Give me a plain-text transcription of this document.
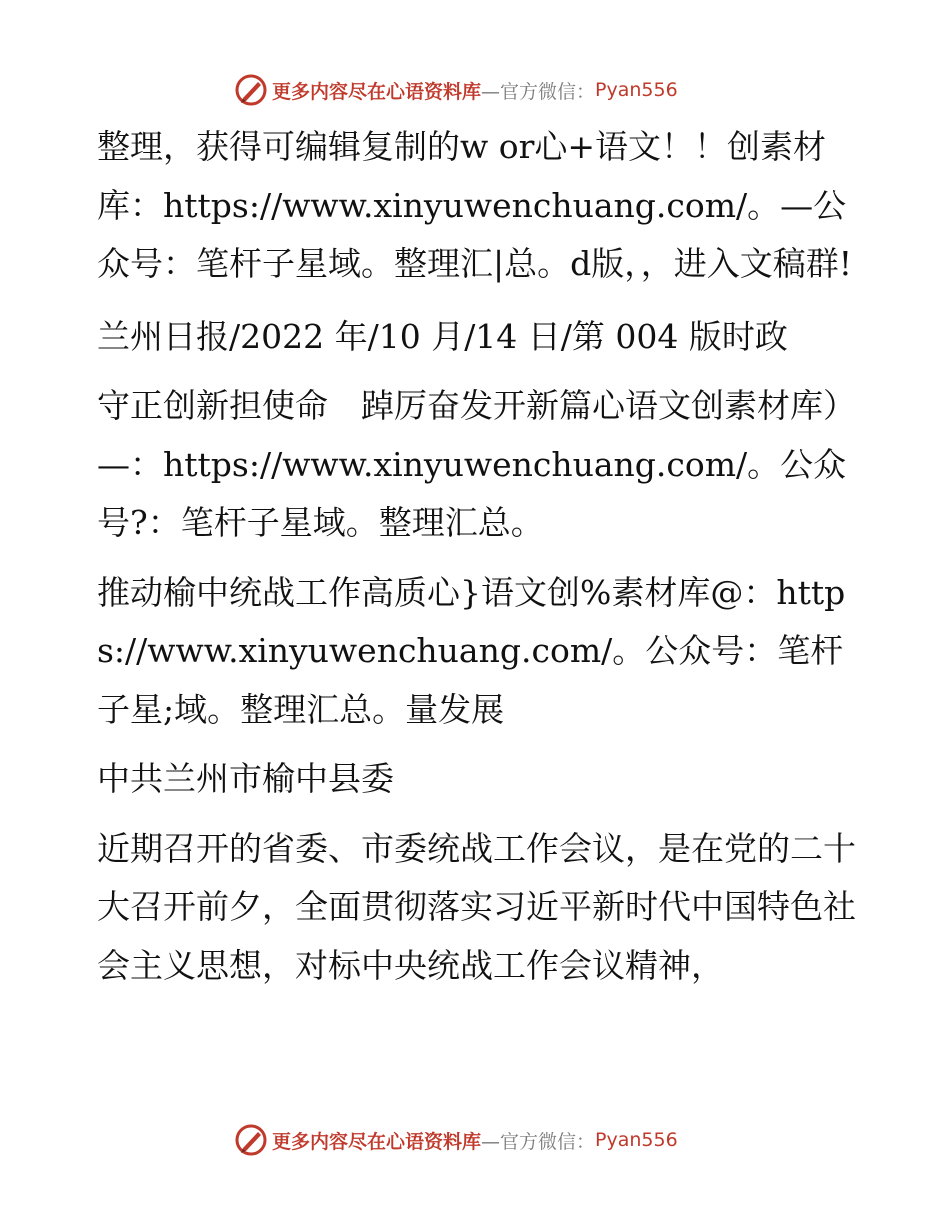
更多内容尽在心语资料库 —官方微信： Pyan556

整理，获得可编辑复制的w or心+语文！！创素材库：https://www.xinyuwenchuang.com/。—公众号：笔杆子星域。整理汇|总。d版，，进入文稿群!

兰州日报/2022 年/10 月/14 日/第 004 版时政

守正创新担使命　踔厉奋发开新篇心语文创素材库）—：https://www.xinyuwenchuang.com/。公众号?：笔杆子星域。整理汇总。

推动榆中统战工作高质心}语文创%素材库@：https://www.xinyuwenchuang.com/。公众号：笔杆子星;域。整理汇总。量发展

中共兰州市榆中县委

近期召开的省委、市委统战工作会议，是在党的二十大召开前夕，全面贯彻落实习近平新时代中国特色社会主义思想，对标中央统战工作会议精神，

更多内容尽在心语资料库 —官方微信： Pyan556
